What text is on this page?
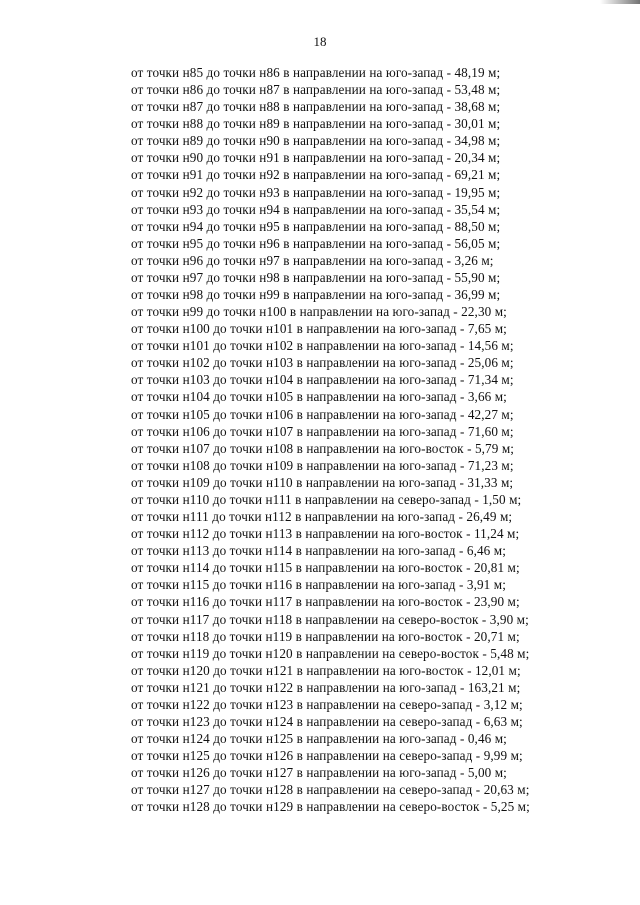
18
от точки н85 до точки н86 в направлении на юго-запад - 48,19 м;
от точки н86 до точки н87 в направлении на юго-запад - 53,48 м;
от точки н87 до точки н88 в направлении на юго-запад - 38,68 м;
от точки н88 до точки н89 в направлении на юго-запад - 30,01 м;
от точки н89 до точки н90 в направлении на юго-запад - 34,98 м;
от точки н90 до точки н91 в направлении на юго-запад - 20,34 м;
от точки н91 до точки н92 в направлении на юго-запад - 69,21 м;
от точки н92 до точки н93 в направлении на юго-запад - 19,95 м;
от точки н93 до точки н94 в направлении на юго-запад - 35,54 м;
от точки н94 до точки н95 в направлении на юго-запад - 88,50 м;
от точки н95 до точки н96 в направлении на юго-запад - 56,05 м;
от точки н96 до точки н97 в направлении на юго-запад - 3,26 м;
от точки н97 до точки н98 в направлении на юго-запад - 55,90 м;
от точки н98 до точки н99 в направлении на юго-запад - 36,99 м;
от точки н99 до точки н100 в направлении на юго-запад - 22,30 м;
от точки н100 до точки н101 в направлении на юго-запад - 7,65 м;
от точки н101 до точки н102 в направлении на юго-запад - 14,56 м;
от точки н102 до точки н103 в направлении на юго-запад - 25,06 м;
от точки н103 до точки н104 в направлении на юго-запад - 71,34 м;
от точки н104 до точки н105 в направлении на юго-запад - 3,66 м;
от точки н105 до точки н106 в направлении на юго-запад - 42,27 м;
от точки н106 до точки н107 в направлении на юго-запад - 71,60 м;
от точки н107 до точки н108 в направлении на юго-восток - 5,79 м;
от точки н108 до точки н109 в направлении на юго-запад - 71,23 м;
от точки н109 до точки н110 в направлении на юго-запад - 31,33 м;
от точки н110 до точки н111 в направлении на северо-запад - 1,50 м;
от точки н111 до точки н112 в направлении на юго-запад - 26,49 м;
от точки н112 до точки н113 в направлении на юго-восток - 11,24 м;
от точки н113 до точки н114 в направлении на юго-запад - 6,46 м;
от точки н114 до точки н115 в направлении на юго-восток - 20,81 м;
от точки н115 до точки н116 в направлении на юго-запад - 3,91 м;
от точки н116 до точки н117 в направлении на юго-восток - 23,90 м;
от точки н117 до точки н118 в направлении на северо-восток - 3,90 м;
от точки н118 до точки н119 в направлении на юго-восток - 20,71 м;
от точки н119 до точки н120 в направлении на северо-восток - 5,48 м;
от точки н120 до точки н121 в направлении на юго-восток - 12,01 м;
от точки н121 до точки н122 в направлении на юго-запад - 163,21 м;
от точки н122 до точки н123 в направлении на северо-запад - 3,12 м;
от точки н123 до точки н124 в направлении на северо-запад - 6,63 м;
от точки н124 до точки н125 в направлении на юго-запад - 0,46 м;
от точки н125 до точки н126 в направлении на северо-запад - 9,99 м;
от точки н126 до точки н127 в направлении на юго-запад - 5,00 м;
от точки н127 до точки н128 в направлении на северо-запад - 20,63 м;
от точки н128 до точки н129 в направлении на северо-восток - 5,25 м;
